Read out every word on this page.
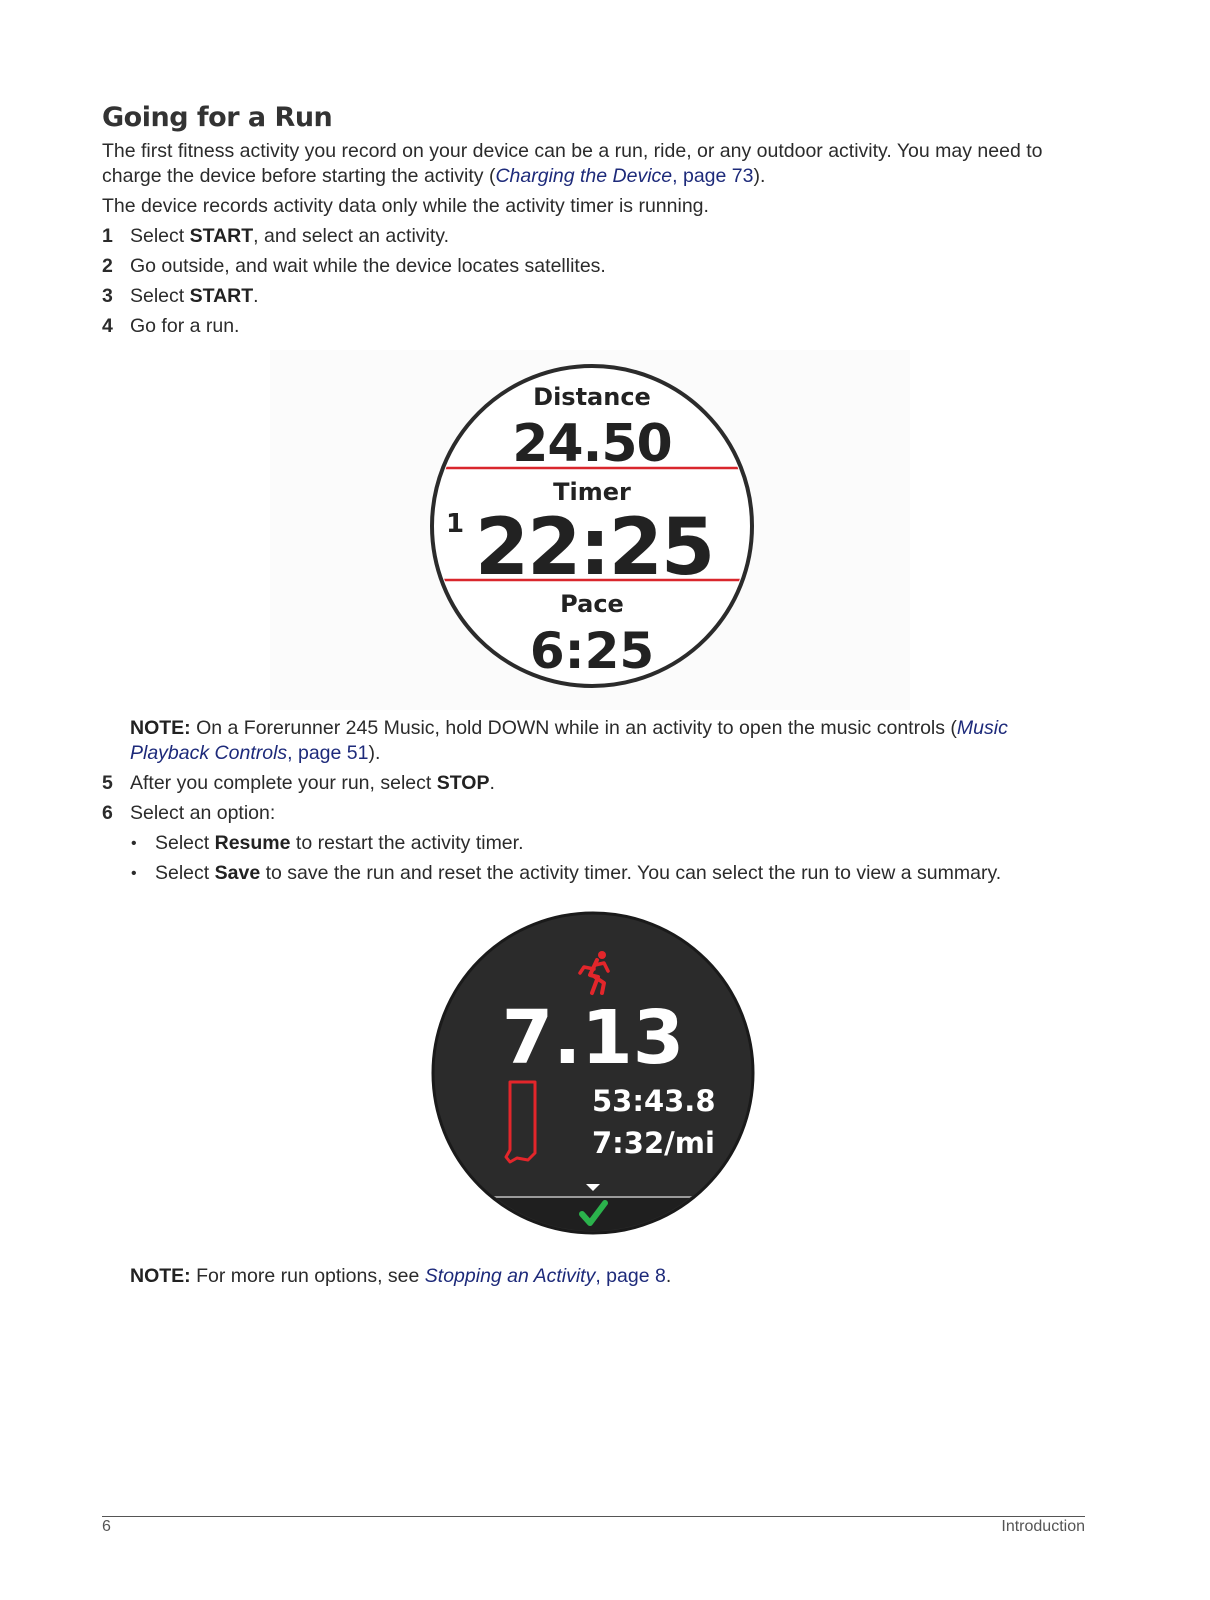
Going for a Run

The first fitness activity you record on your device can be a run, ride, or any outdoor activity. You may need to charge the device before starting the activity (Charging the Device, page 73).

The device records activity data only while the activity timer is running.

1 Select START, and select an activity.
2 Go outside, and wait while the device locates satellites.
3 Select START.
4 Go for a run.
Distance
24.50
Timer
1 22:25
Pace
6:25
NOTE: On a Forerunner 245 Music, hold DOWN while in an activity to open the music controls (Music Playback Controls, page 51).
5 After you complete your run, select STOP.
6 Select an option:
• Select Resume to restart the activity timer.
• Select Save to save the run and reset the activity timer. You can select the run to view a summary.
7.13
53:43.8
7:32/mi
NOTE: For more run options, see Stopping an Activity, page 8.
6	Introduction
